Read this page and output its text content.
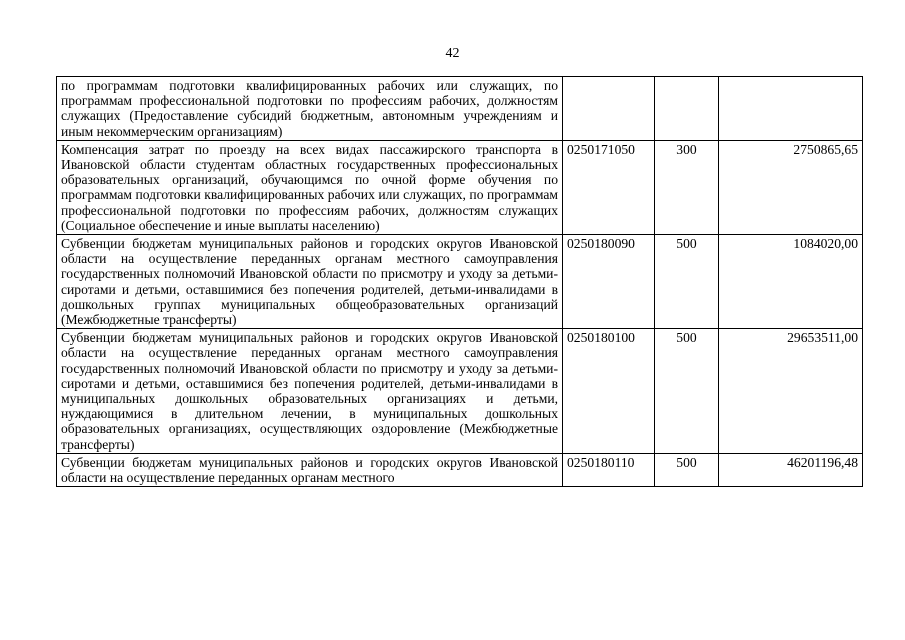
42
по программам подготовки квалифицированных рабочих или служащих, по программам профессиональной подготовки по профессиям рабочих, должностям служащих (Предоставление субсидий бюджетным, автономным учреждениям и иным некоммерческим организациям)			
Компенсация затрат по проезду на всех видах пассажирского транспорта в Ивановской области студентам областных государственных профессиональных образовательных организаций, обучающимся по очной форме обучения по программам подготовки квалифицированных рабочих или служащих, по программам профессиональной подготовки по профессиям рабочих, должностям служащих (Социальное обеспечение и иные выплаты населению)	0250171050	300	2750865,65
Субвенции бюджетам муниципальных районов и городских округов Ивановской области на осуществление переданных органам местного самоуправления государственных полномочий Ивановской области по присмотру и уходу за детьми-сиротами и детьми, оставшимися без попечения родителей, детьми-инвалидами в дошкольных группах муниципальных общеобразовательных организаций (Межбюджетные трансферты)	0250180090	500	1084020,00
Субвенции бюджетам муниципальных районов и городских округов Ивановской области на осуществление переданных органам местного самоуправления государственных полномочий Ивановской области по присмотру и уходу за детьми-сиротами и детьми, оставшимися без попечения родителей, детьми-инвалидами в муниципальных дошкольных образовательных организациях и детьми, нуждающимися в длительном лечении, в муниципальных дошкольных образовательных организациях, осуществляющих оздоровление (Межбюджетные трансферты)	0250180100	500	29653511,00
Субвенции бюджетам муниципальных районов и городских округов Ивановской области на осуществление переданных органам местного	0250180110	500	46201196,48
